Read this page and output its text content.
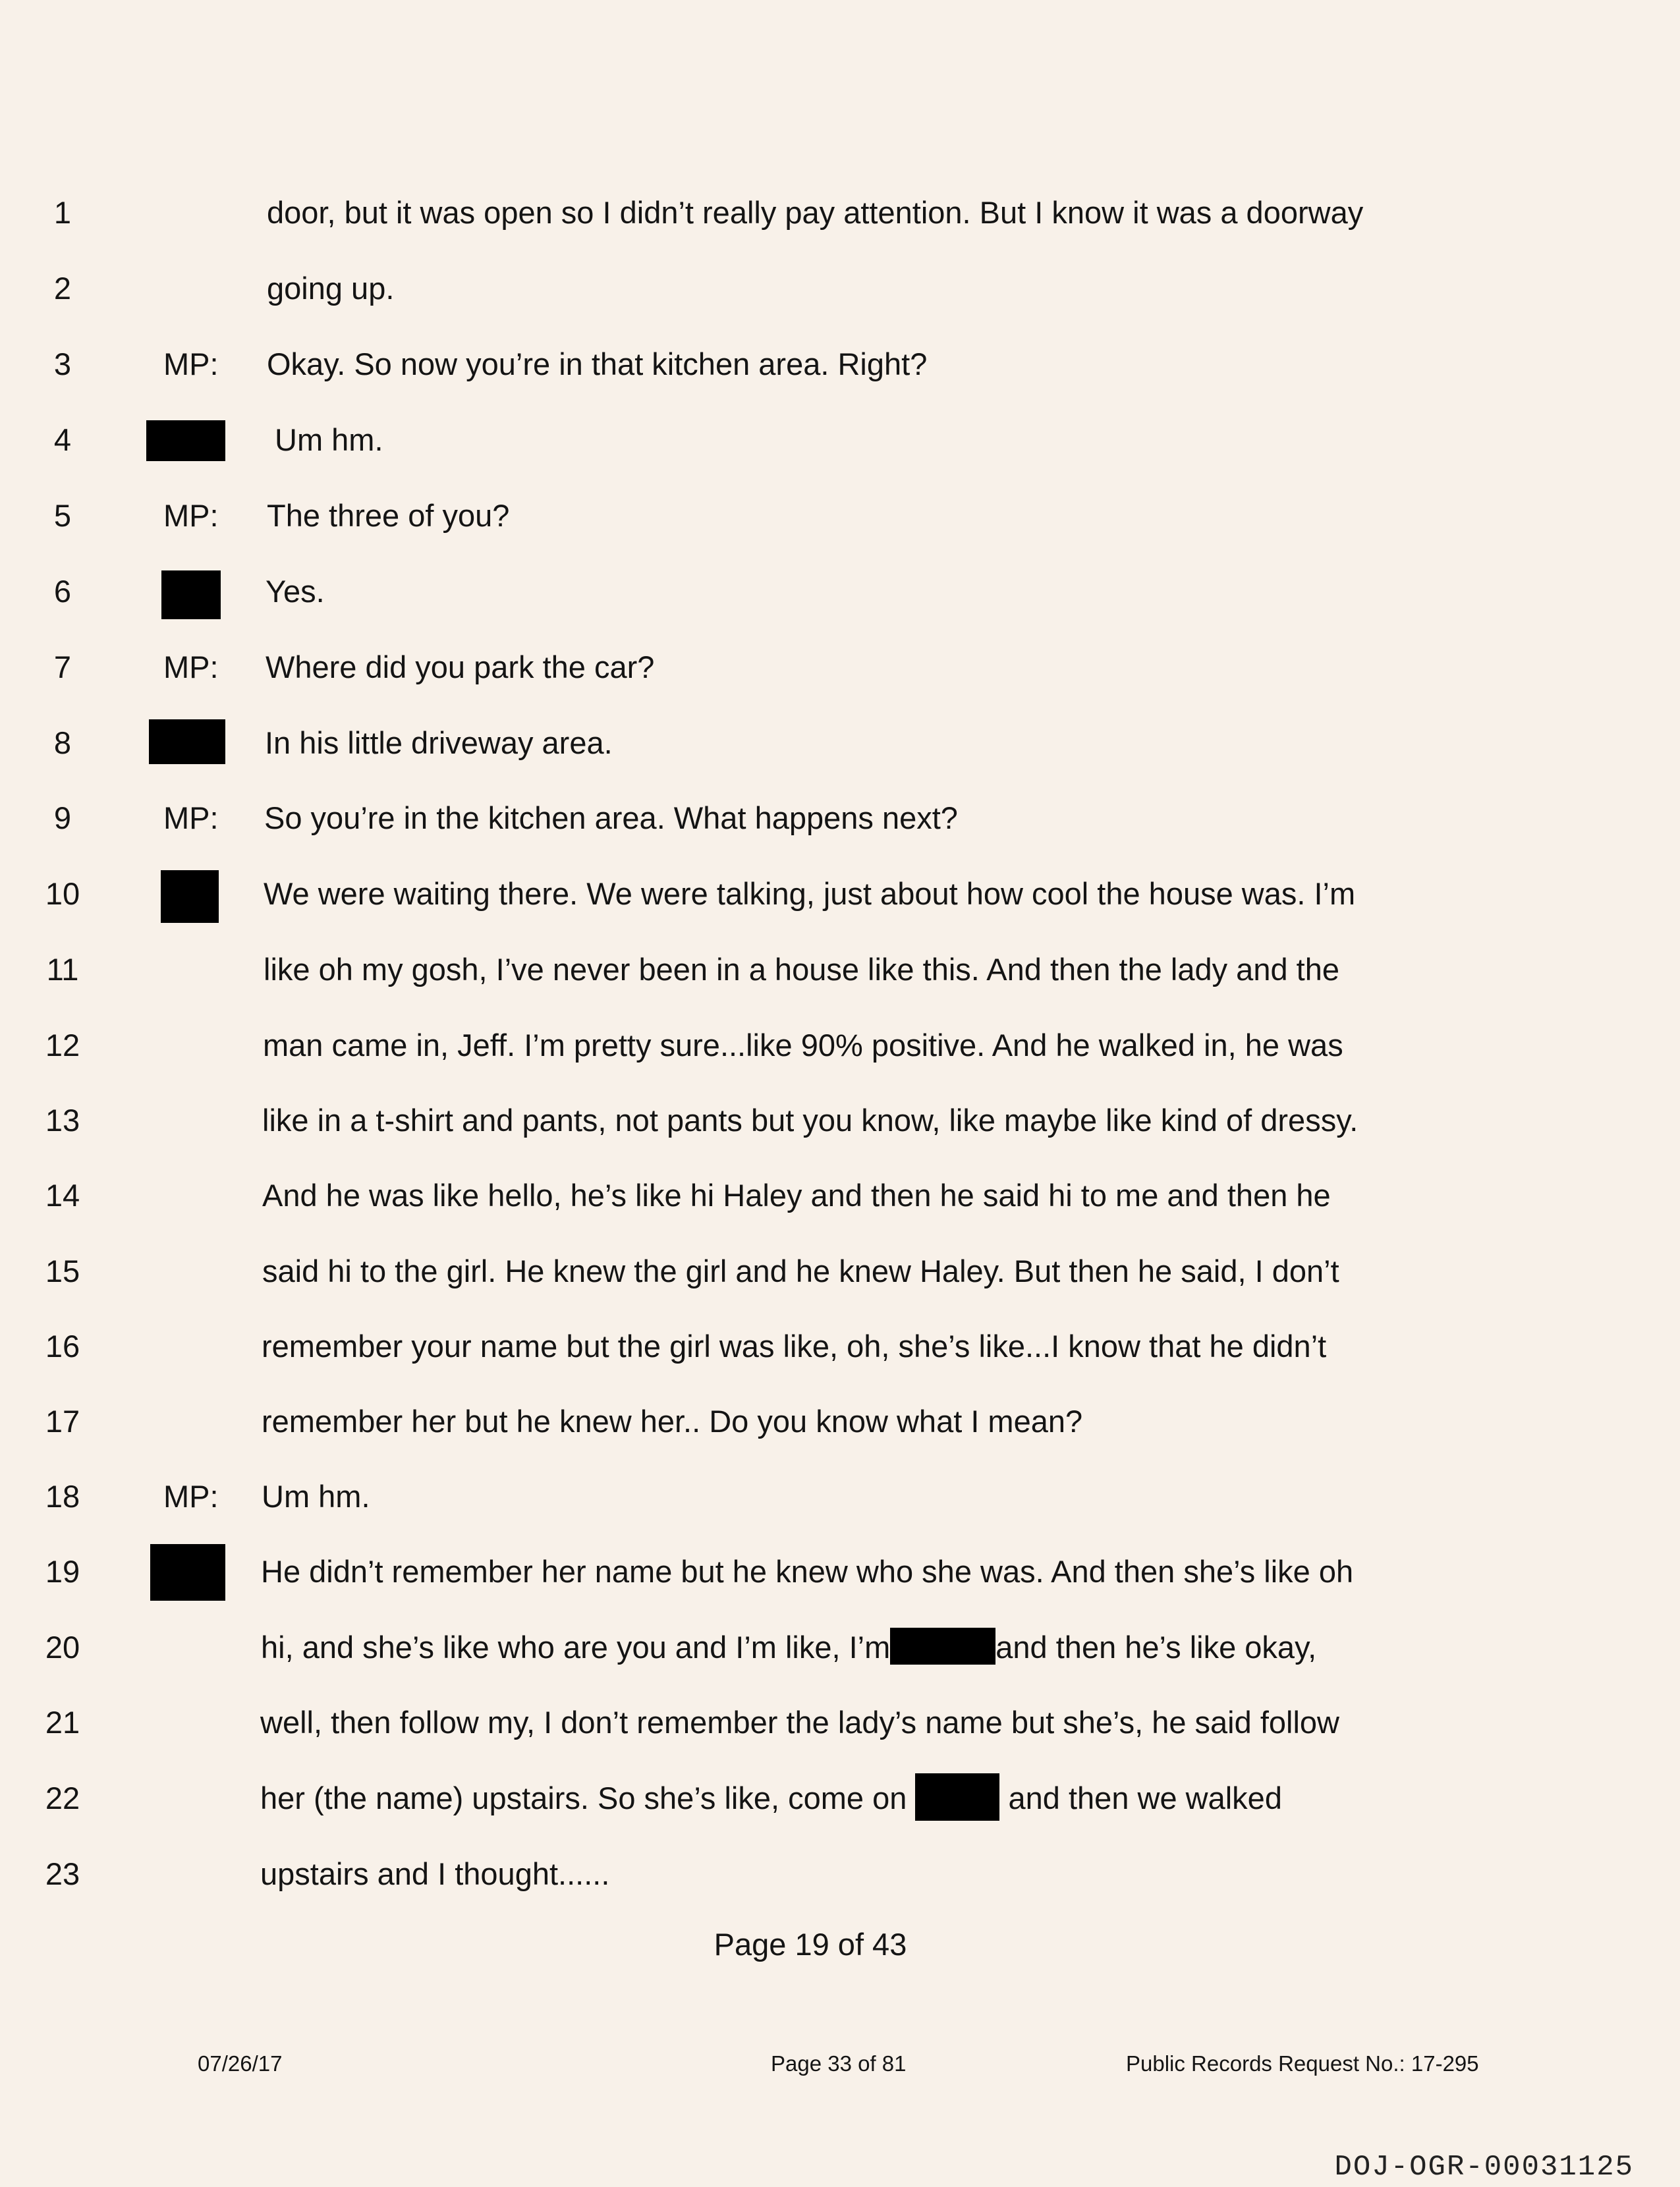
1	door, but it was open so I didn’t really pay attention. But I know it was a doorway
2	going up.
3	MP: Okay. So now you’re in that kitchen area. Right?
4	Um hm.
5	MP: The three of you?
6	Yes.
7	MP: Where did you park the car?
8	In his little driveway area.
9	MP: So you’re in the kitchen area. What happens next?
10	We were waiting there. We were talking, just about how cool the house was. I’m
11	like oh my gosh, I’ve never been in a house like this. And then the lady and the
12	man came in, Jeff. I’m pretty sure...like 90% positive. And he walked in, he was
13	like in a t-shirt and pants, not pants but you know, like maybe like kind of dressy.
14	And he was like hello, he’s like hi Haley and then he said hi to me and then he
15	said hi to the girl. He knew the girl and he knew Haley. But then he said, I don’t
16	remember your name but the girl was like, oh, she’s like...I know that he didn’t
17	remember her but he knew her.. Do you know what I mean?
18	MP: Um hm.
19	He didn’t remember her name but he knew who she was. And then she’s like oh
20	hi, and she’s like who are you and I’m like, I’m	and then he’s like okay,
21	well, then follow my, I don’t remember the lady’s name but she’s, he said follow
22	her (the name) upstairs. So she’s like, come on	and then we walked
23	upstairs and I thought......
Page 19 of 43
07/26/17	Page 33 of 81	Public Records Request No.: 17-295
DOJ-OGR-00031125
